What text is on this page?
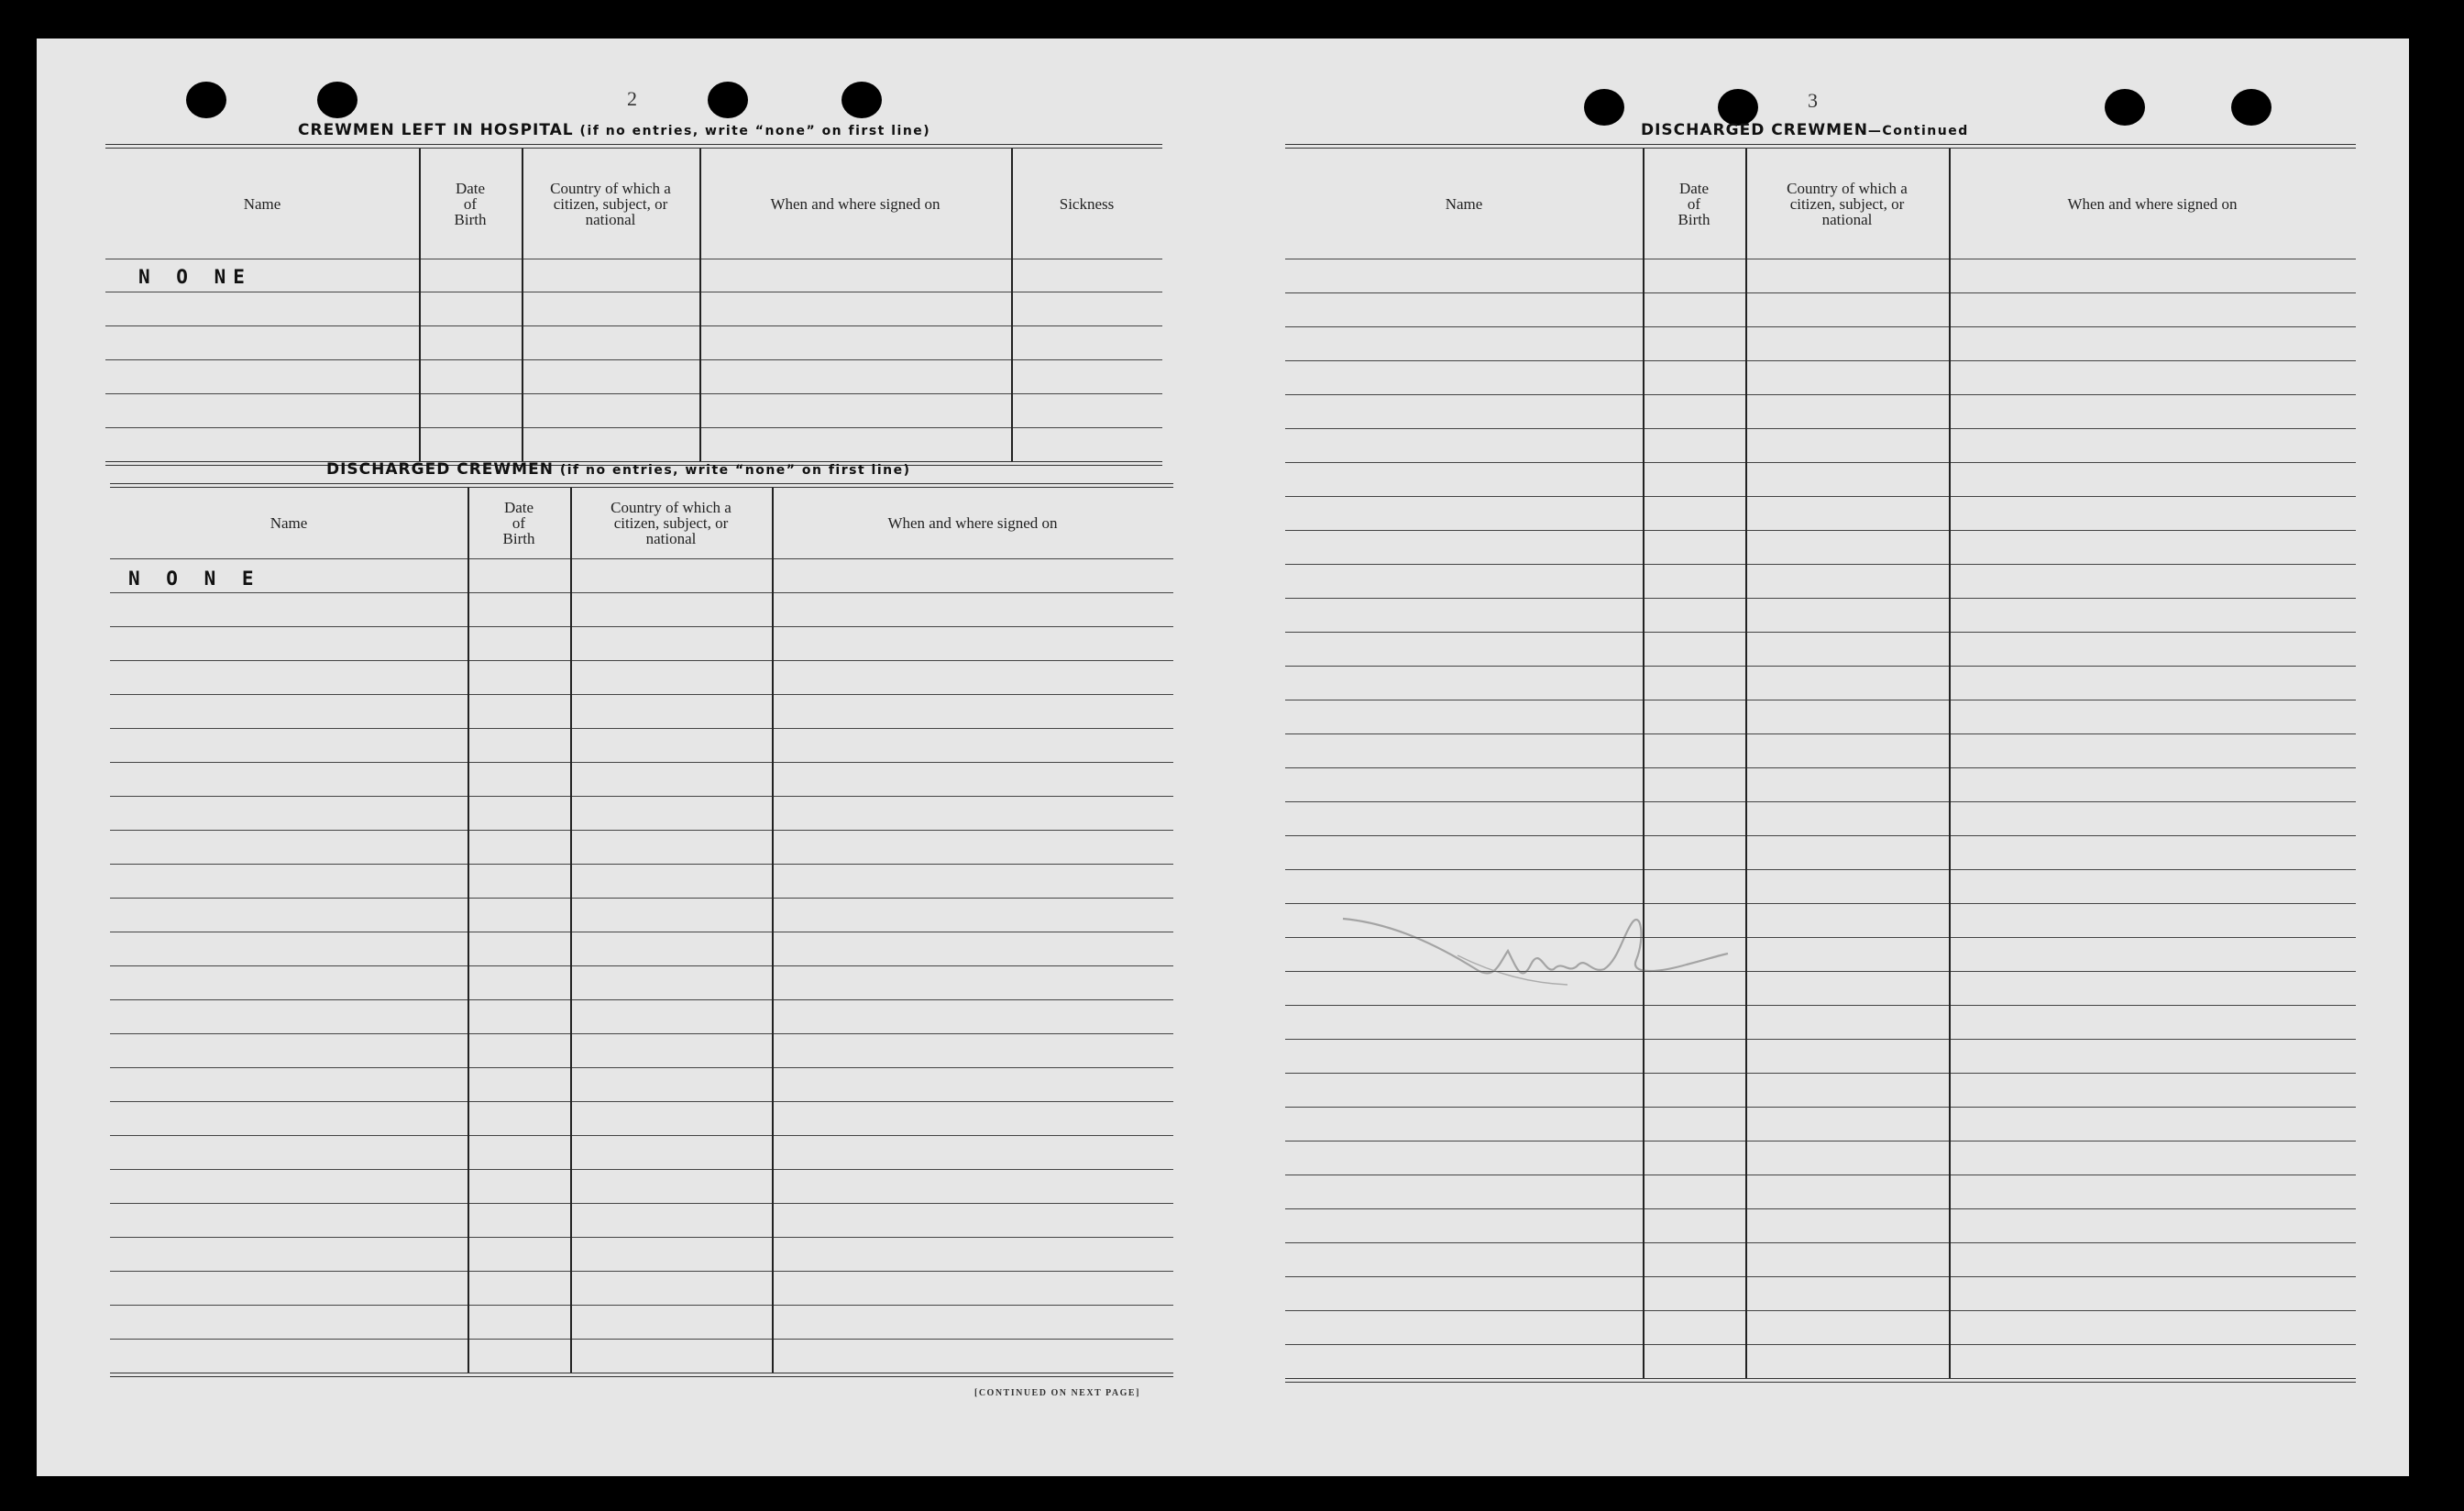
2
CREWMEN LEFT IN HOSPITAL (if no entries, write “none” on first line)
Name
Date
of
Birth
Country of which a
citizen, subject, or
national
When and where signed on	Sickness
N O NE
DISCHARGED CREWMEN (if no entries, write “none” on first line)
Name
Date
of
Birth
Country of which a
citizen, subject, or
national
When and where signed on
N O N E
[CONTINUED ON NEXT PAGE]
3
DISCHARGED CREWMEN—Continued
Name
Date
of
Birth
Country of which a
citizen, subject, or
national
When and where signed on
